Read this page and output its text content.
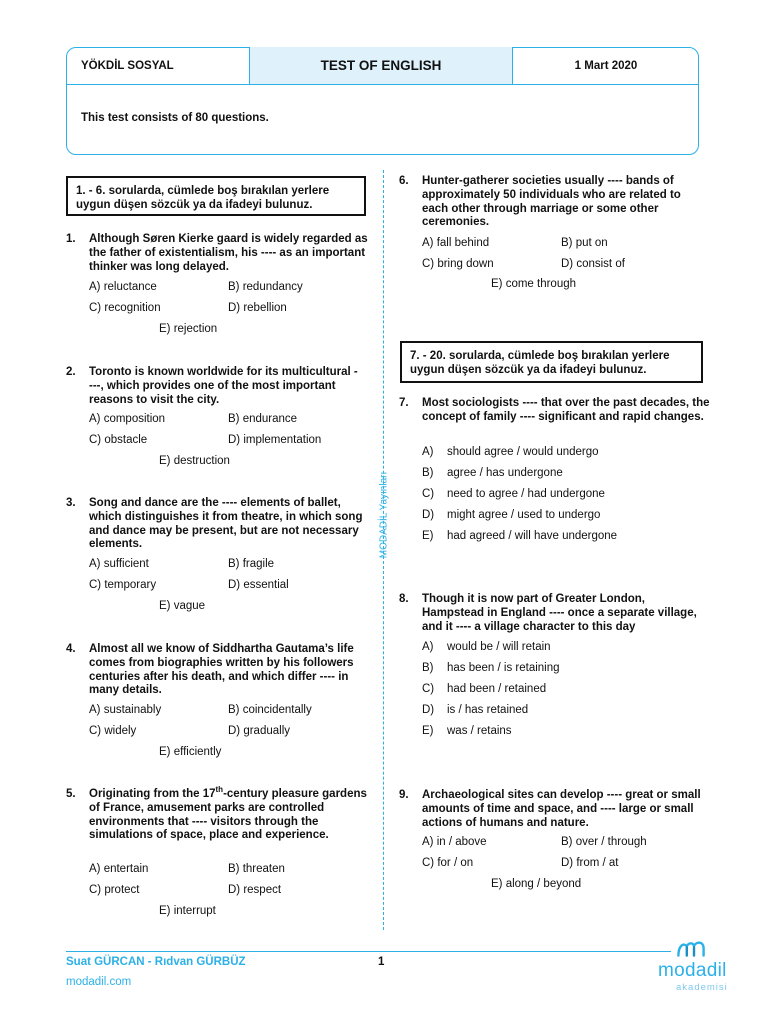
YÖKDİL SOSYAL	TEST OF ENGLISH	1 Mart 2020
This test consists of 80 questions.
MODADİL Yayınları
1. - 6. sorularda, cümlede boş bırakılan yerlere uygun düşen sözcük ya da ifadeyi bulunuz.
1. Although Søren Kierke gaard is widely regarded as the father of existentialism, his ---- as an important thinker was long delayed.
A) reluctance	B) redundancy
C) recognition	D) rebellion
E) rejection
2. Toronto is known worldwide for its multicultural ----, which provides one of the most important reasons to visit the city.
A) composition	B) endurance
C) obstacle	D) implementation
E) destruction
3. Song and dance are the ---- elements of ballet, which distinguishes it from theatre, in which song and dance may be present, but are not necessary elements.
A) sufficient	B) fragile
C) temporary	D) essential
E) vague
4. Almost all we know of Siddhartha Gautama’s life comes from biographies written by his followers centuries after his death, and which differ ---- in many details.
A) sustainably	B) coincidentally
C) widely	D) gradually
E) efficiently
5. Originating from the 17th-century pleasure gardens of France, amusement parks are controlled environments that ---- visitors through the simulations of space, place and experience.
A) entertain	B) threaten
C) protect	D) respect
E) interrupt
6. Hunter-gatherer societies usually ---- bands of approximately 50 individuals who are related to each other through marriage or some other ceremonies.
A) fall behind	B) put on
C) bring down	D) consist of
E) come through
7. - 20. sorularda, cümlede boş bırakılan yerlere uygun düşen sözcük ya da ifadeyi bulunuz.
7. Most sociologists ---- that over the past decades, the concept of family ---- significant and rapid changes.
A) should agree / would undergo
B) agree / has undergone
C) need to agree / had undergone
D) might agree / used to undergo
E) had agreed / will have undergone
8. Though it is now part of Greater London, Hampstead in England ---- once a separate village, and it ---- a village character to this day
A) would be / will retain
B) has been / is retaining
C) had been / retained
D) is / has retained
E) was / retains
9. Archaeological sites can develop ---- great or small amounts of time and space, and ---- large or small actions of humans and nature.
A) in / above	B) over / through
C) for / on	D) from / at
E) along / beyond
Suat GÜRCAN - Rıdvan GÜRBÜZ	1
modadil.com
modadil
akademisi
